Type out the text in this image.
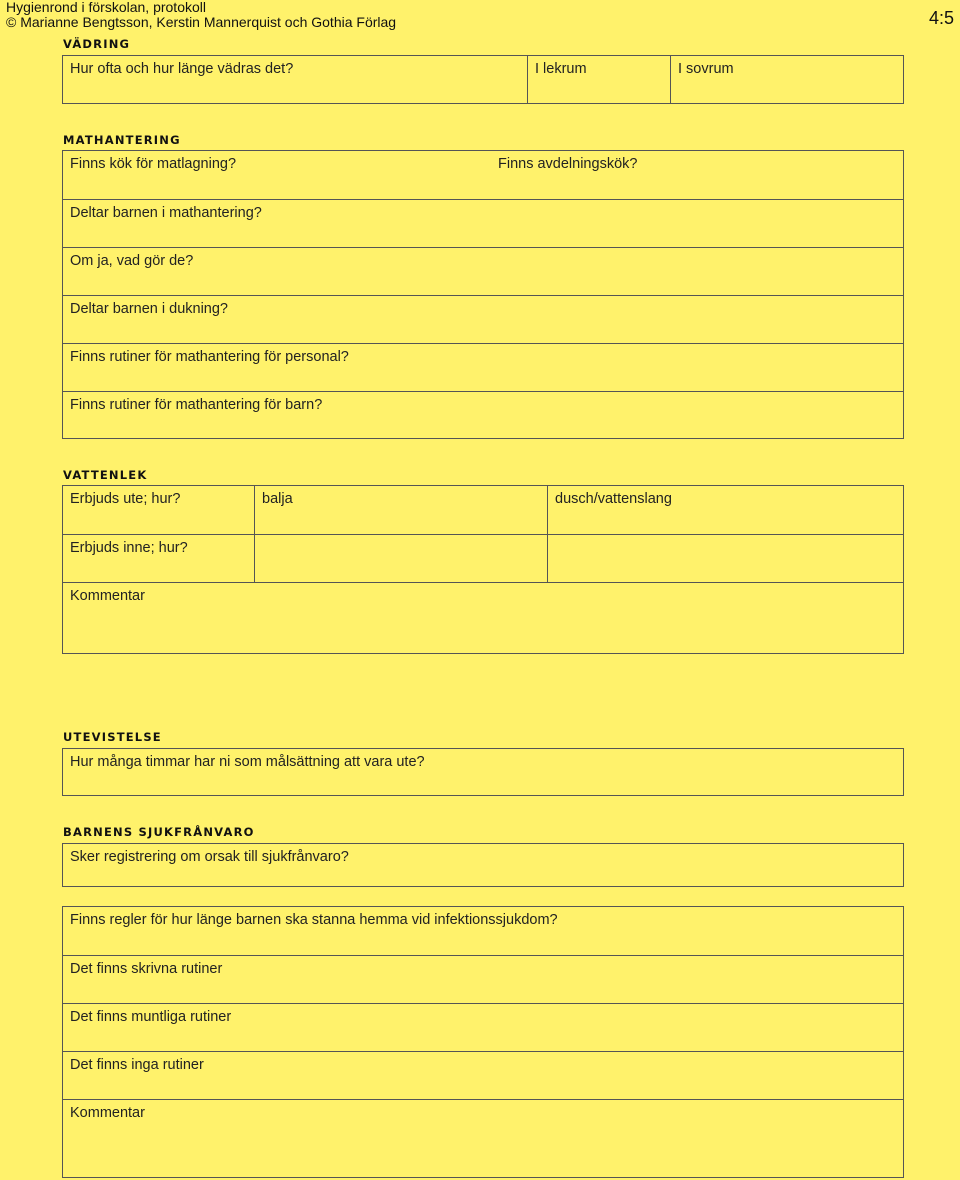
Hygienrond i förskolan, protokoll
© Marianne Bengtsson, Kerstin Mannerquist och Gothia Förlag	4:5
VÄDRING
Hur ofta och hur länge vädras det?	I lekrum	I sovrum
MATHANTERING
Finns kök för matlagning?	Finns avdelningskök?
Deltar barnen i mathantering?
Om ja, vad gör de?
Deltar barnen i dukning?
Finns rutiner för mathantering för personal?
Finns rutiner för mathantering för barn?
VATTENLEK
Erbjuds ute; hur?	balja	dusch/vattenslang
Erbjuds inne; hur?
Kommentar
UTEVISTELSE
Hur många timmar har ni som målsättning att vara ute?
BARNENS SJUKFRÅNVARO
Sker registrering om orsak till sjukfrånvaro?
Finns regler för hur länge barnen ska stanna hemma vid infektionssjukdom?
Det finns skrivna rutiner
Det finns muntliga rutiner
Det finns inga rutiner
Kommentar
